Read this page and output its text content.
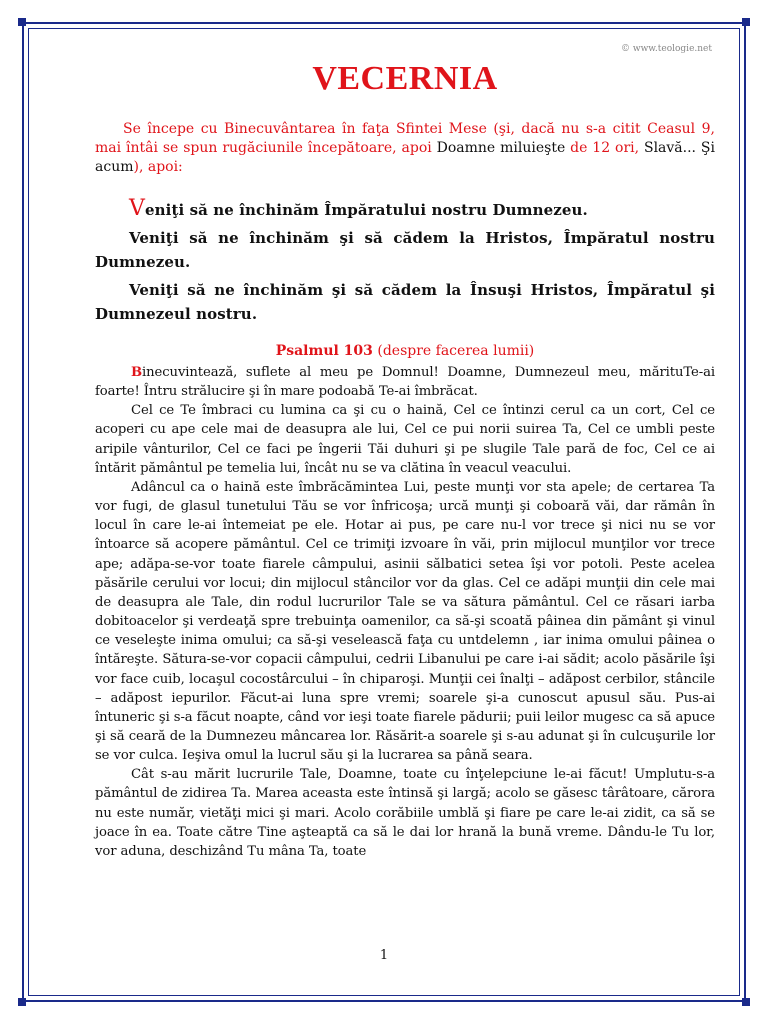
© www.teologie.net
VECERNIA

Se începe cu Binecuvântarea în faţa Sfintei Mese (şi, dacă nu s-a citit Ceasul 9, mai întâi se spun rugăciunile începătoare, apoi Doamne miluieşte de 12 ori, Slavă... Şi acum), apoi:

Veniţi să ne închinăm Împăratului nostru Dumnezeu.

Veniţi să ne închinăm şi să cădem la Hristos, Împăratul nostru Dumnezeu.

Veniţi să ne închinăm şi să cădem la Însuşi Hristos, Împăratul şi Dumnezeul nostru.

Psalmul 103 (despre facerea lumii)

Binecuvintează, suflete al meu pe Domnul! Doamne, Dumnezeul meu, mărituTe-ai foarte! Întru strălucire şi în mare podoabă Te-ai îmbrăcat.

Cel ce Te îmbraci cu lumina ca şi cu o haină, Cel ce întinzi cerul ca un cort, Cel ce acoperi cu ape cele mai de deasupra ale lui, Cel ce pui norii suirea Ta, Cel ce umbli peste aripile vânturilor, Cel ce faci pe îngerii Tăi duhuri şi pe slugile Tale pară de foc, Cel ce ai întărit pământul pe temelia lui, încât nu se va clătina în veacul veacului.

Adâncul ca o haină este îmbrăcămintea Lui, peste munţi vor sta apele; de certarea Ta vor fugi, de glasul tunetului Tău se vor înfricoşa; urcă munţi şi coboară văi, dar rămân în locul în care le-ai întemeiat pe ele. Hotar ai pus, pe care nu-l vor trece şi nici nu se vor întoarce să acopere pământul. Cel ce trimiţi izvoare în văi, prin mijlocul munţilor vor trece ape; adăpa-se-vor toate fiarele câmpului, asinii sălbatici setea îşi vor potoli. Peste acelea păsările cerului vor locui; din mijlocul stâncilor vor da glas. Cel ce adăpi munţii din cele mai de deasupra ale Tale, din rodul lucrurilor Tale se va sătura pământul. Cel ce răsari iarba dobitoacelor şi verdeaţă spre trebuinţa oamenilor, ca să-şi scoată pâinea din pământ şi vinul ce veseleşte inima omului; ca să-şi veselească faţa cu untdelemn , iar inima omului pâinea o întăreşte. Sătura-se-vor copacii câmpului, cedrii Libanului pe care i-ai sădit; acolo păsările îşi vor face cuib, locaşul cocostârcului – în chiparoşi. Munţii cei înalţi – adăpost cerbilor, stâncile – adăpost iepurilor. Făcut-ai luna spre vremi; soarele şi-a cunoscut apusul său. Pus-ai întuneric şi s-a făcut noapte, când vor ieşi toate fiarele pădurii; puii leilor mugesc ca să apuce şi să ceară de la Dumnezeu mâncarea lor. Răsărit-a soarele şi s-au adunat şi în culcuşurile lor se vor culca. Ieşiva omul la lucrul său şi la lucrarea sa până seara.

Cât s-au mărit lucrurile Tale, Doamne, toate cu înţelepciune le-ai făcut! Umplutu-s-a pământul de zidirea Ta. Marea aceasta este întinsă şi largă; acolo se găsesc târâtoare, cărora nu este număr, vietăţi mici şi mari. Acolo corăbiile umblă şi fiare pe care le-ai zidit, ca să se joace în ea. Toate către Tine aşteaptă ca să le dai lor hrană la bună vreme. Dându-le Tu lor, vor aduna, deschizând Tu mâna Ta, toate

1
